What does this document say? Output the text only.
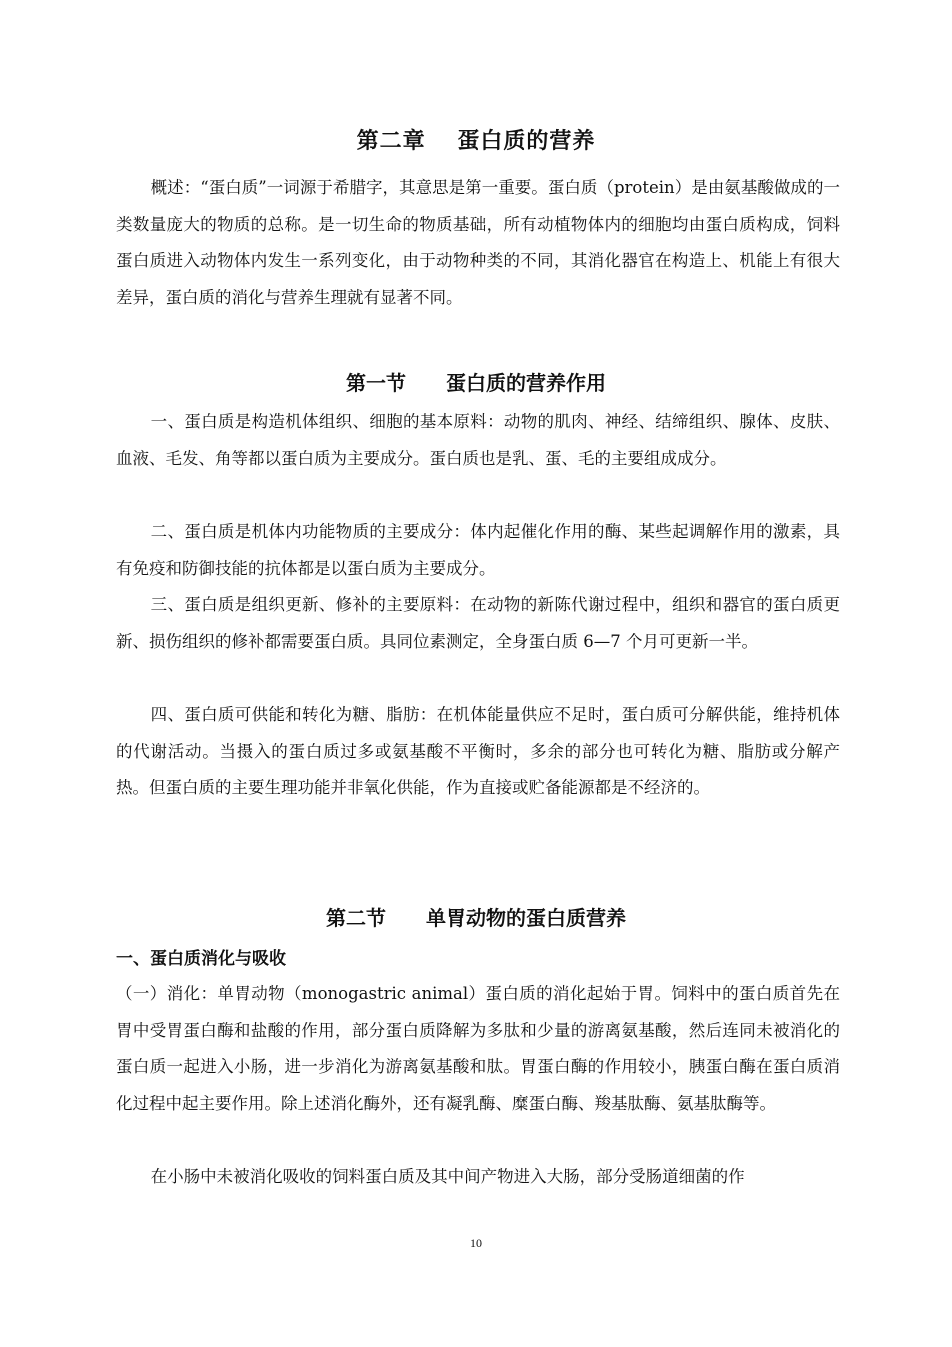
第二章　 蛋白质的营养

概述：“蛋白质”一词源于希腊字，其意思是第一重要。蛋白质（protein）是由氨基酸做成的一类数量庞大的物质的总称。是一切生命的物质基础，所有动植物体内的细胞均由蛋白质构成，饲料蛋白质进入动物体内发生一系列变化，由于动物种类的不同，其消化器官在构造上、机能上有很大差异，蛋白质的消化与营养生理就有显著不同。

第一节　　蛋白质的营养作用

一、蛋白质是构造机体组织、细胞的基本原料：动物的肌肉、神经、结缔组织、腺体、皮肤、血液、毛发、角等都以蛋白质为主要成分。蛋白质也是乳、蛋、毛的主要组成成分。

二、蛋白质是机体内功能物质的主要成分：体内起催化作用的酶、某些起调解作用的激素，具有免疫和防御技能的抗体都是以蛋白质为主要成分。

三、蛋白质是组织更新、修补的主要原料：在动物的新陈代谢过程中，组织和器官的蛋白质更新、损伤组织的修补都需要蛋白质。具同位素测定，全身蛋白质 6—7 个月可更新一半。

四、蛋白质可供能和转化为糖、脂肪：在机体能量供应不足时，蛋白质可分解供能，维持机体的代谢活动。当摄入的蛋白质过多或氨基酸不平衡时，多余的部分也可转化为糖、脂肪或分解产热。但蛋白质的主要生理功能并非氧化供能，作为直接或贮备能源都是不经济的。

第二节　　单胃动物的蛋白质营养
一、蛋白质消化与吸收

（一）消化：单胃动物（monogastric animal）蛋白质的消化起始于胃。饲料中的蛋白质首先在胃中受胃蛋白酶和盐酸的作用，部分蛋白质降解为多肽和少量的游离氨基酸，然后连同未被消化的蛋白质一起进入小肠，进一步消化为游离氨基酸和肽。胃蛋白酶的作用较小，胰蛋白酶在蛋白质消化过程中起主要作用。除上述消化酶外，还有凝乳酶、糜蛋白酶、羧基肽酶、氨基肽酶等。

在小肠中未被消化吸收的饲料蛋白质及其中间产物进入大肠，部分受肠道细菌的作

10
